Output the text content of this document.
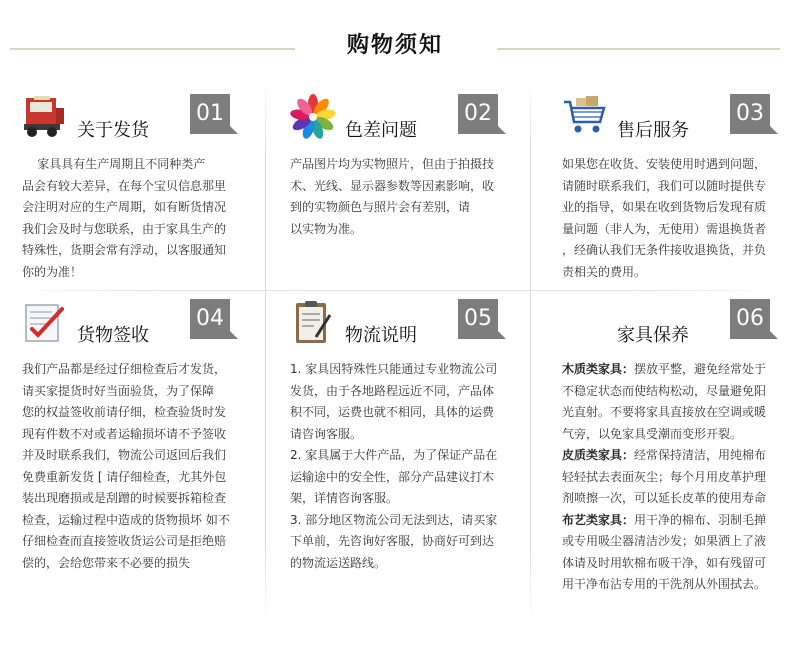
购物须知
关于发货
01

家具具有生产周期且不同种类产

品会有较大差异，在每个宝贝信息那里

会注明对应的生产周期，如有断货情况

我们会及时与您联系，由于家具生产的

特殊性，货期会常有浮动，以客服通知

你的为准！

色差问题
02

产品图片均为实物照片，但由于拍摄技

术、光线、显示器参数等因素影响，收

到的实物颜色与照片会有差别，请

以实物为准。

售后服务
03

如果您在收货、安装使用时遇到问题，

请随时联系我们，我们可以随时提供专

业的指导，如果在收到货物后发现有质

量问题（非人为，无使用）需退换货者

，经确认我们无条件接收退换货，并负

责相关的费用。

货物签收
04

我们产品都是经过仔细检查后才发货，

请买家提货时好当面验货，为了保障

您的权益签收前请仔细，检查验货时发

现有件数不对或者运输损坏请不予签收

并及时联系我们，物流公司返回后我们

免费重新发货 [ 请仔细检查，尤其外包

装出现磨损或是刮蹭的时候要拆箱检查

检查，运输过程中造成的货物损坏 如不

仔细检查而直接签收货运公司是拒绝赔

偿的，会给您带来不必要的损失

物流说明
05

1. 家具因特殊性只能通过专业物流公司

发货，由于各地路程远近不同，产品体

积不同，运费也就不相同，具体的运费

请咨询客服。

2. 家具属于大件产品，为了保证产品在

运输途中的安全性，部分产品建议打木

架，详情咨询客服。

3. 部分地区物流公司无法到达，请买家

下单前，先咨询好客服，协商好可到达

的物流运送路线。

家具保养
06

木质类家具：摆放平整，避免经常处于

不稳定状态而使结构松动，尽量避免阳

光直射。不要将家具直接放在空调或暖

气旁，以免家具受潮而变形开裂。

皮质类家具：经常保持清洁，用纯棉布

轻轻拭去表面灰尘；每个月用皮革护理

剂喷擦一次，可以延长皮革的使用寿命

布艺类家具：用干净的棉布、羽制毛掸

或专用吸尘器清洁沙发；如果洒上了液

体请及时用软棉布吸干净，如有残留可

用干净布沾专用的干洗剂从外围拭去。
